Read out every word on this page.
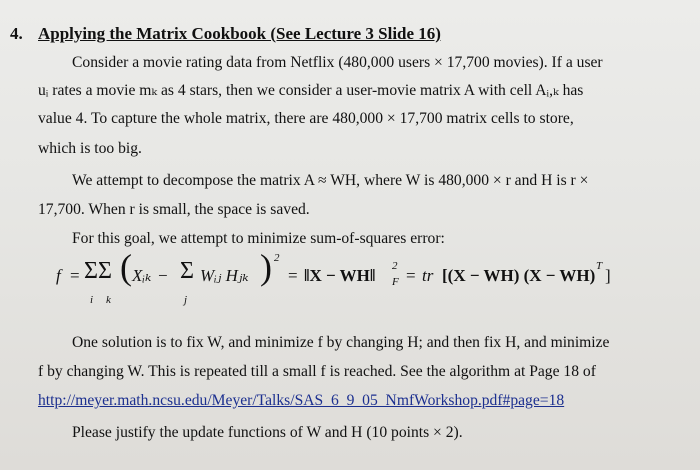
4. Applying the Matrix Cookbook (See Lecture 3 Slide 16)
Consider a movie rating data from Netflix (480,000 users × 17,700 movies). If a user
uᵢ rates a movie mₖ as 4 stars, then we consider a user-movie matrix A with cell Aᵢ,ₖ has
value 4. To capture the whole matrix, there are 480,000 × 17,700 matrix cells to store,
which is too big.
We attempt to decompose the matrix A ≈ WH, where W is 480,000 × r and H is r ×
17,700. When r is small, the space is saved.
For this goal, we attempt to minimize sum-of-squares error:
f = ΣΣ
i k
( Xᵢₖ − Σ
j
Wᵢⱼ Hⱼₖ ) 2
= ‖X − WH‖ F
2 = tr [(X − WH) (X − WH) T ]
One solution is to fix W, and minimize f by changing H; and then fix H, and minimize
f by changing W. This is repeated till a small f is reached. See the algorithm at Page 18 of
http://meyer.math.ncsu.edu/Meyer/Talks/SAS_6_9_05_NmfWorkshop.pdf#page=18
Please justify the update functions of W and H (10 points × 2).
